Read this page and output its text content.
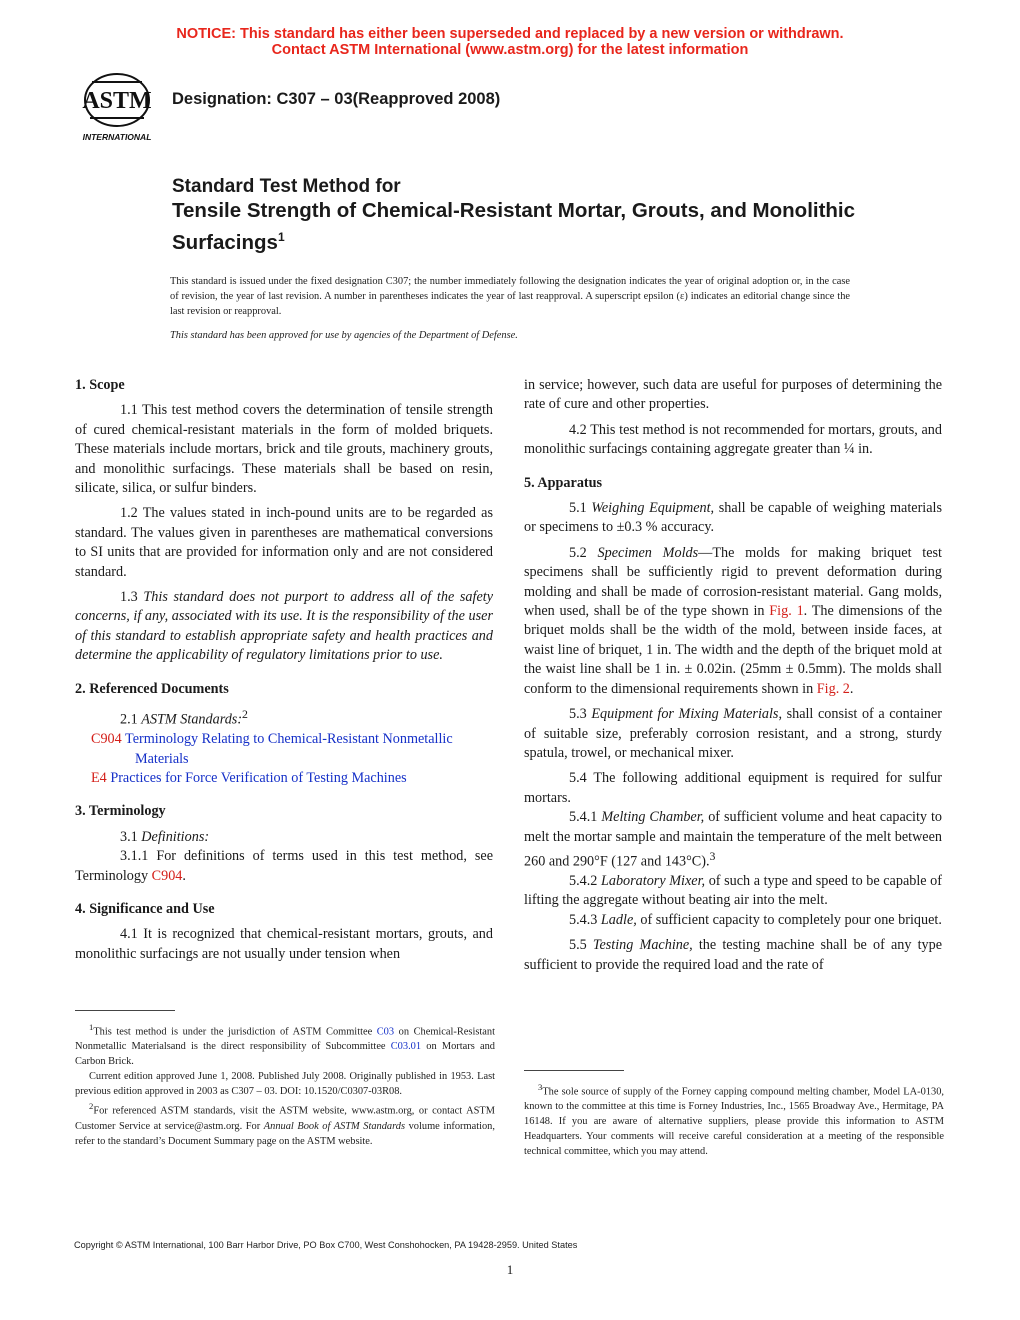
NOTICE: This standard has either been superseded and replaced by a new version or withdrawn.
Contact ASTM International (www.astm.org) for the latest information
ASTM
INTERNATIONAL
Designation: C307 – 03(Reapproved 2008)
Standard Test Method for
Tensile Strength of Chemical-Resistant Mortar, Grouts, and Monolithic Surfacings$^1$
This standard is issued under the fixed designation C307; the number immediately following the designation indicates the year of original adoption or, in the case of revision, the year of last revision. A number in parentheses indicates the year of last reapproval. A superscript epsilon (ε) indicates an editorial change since the last revision or reapproval.
This standard has been approved for use by agencies of the Department of Defense.

1. Scope

1.1 This test method covers the determination of tensile strength of cured chemical-resistant materials in the form of molded briquets. These materials include mortars, brick and tile grouts, machinery grouts, and monolithic surfacings. These materials shall be based on resin, silicate, silica, or sulfur binders.

1.2 The values stated in inch-pound units are to be regarded as standard. The values given in parentheses are mathematical conversions to SI units that are provided for information only and are not considered standard.

1.3 This standard does not purport to address all of the safety concerns, if any, associated with its use. It is the responsibility of the user of this standard to establish appropriate safety and health practices and determine the applicability of regulatory limitations prior to use.

2. Referenced Documents

2.1 ASTM Standards:$^2$

C904 Terminology Relating to Chemical-Resistant Nonmetallic Materials

E4 Practices for Force Verification of Testing Machines

3. Terminology

3.1 Definitions:

3.1.1 For definitions of terms used in this test method, see Terminology C904.

4. Significance and Use

4.1 It is recognized that chemical-resistant mortars, grouts, and monolithic surfacings are not usually under tension when

$^1$This test method is under the jurisdiction of ASTM Committee C03 on Chemical-Resistant Nonmetallic Materialsand is the direct responsibility of Subcommittee C03.01 on Mortars and Carbon Brick.

Current edition approved June 1, 2008. Published July 2008. Originally published in 1953. Last previous edition approved in 2003 as C307 – 03. DOI: 10.1520/C0307-03R08.

$^2$For referenced ASTM standards, visit the ASTM website, www.astm.org, or contact ASTM Customer Service at service@astm.org. For Annual Book of ASTM Standards volume information, refer to the standard’s Document Summary page on the ASTM website.

in service; however, such data are useful for purposes of determining the rate of cure and other properties.

4.2 This test method is not recommended for mortars, grouts, and monolithic surfacings containing aggregate greater than ¼ in.

5. Apparatus

5.1 Weighing Equipment, shall be capable of weighing materials or specimens to ±0.3 % accuracy.

5.2 Specimen Molds—The molds for making briquet test specimens shall be sufficiently rigid to prevent deformation during molding and shall be made of corrosion-resistant material. Gang molds, when used, shall be of the type shown in Fig. 1. The dimensions of the briquet molds shall be the width of the mold, between inside faces, at waist line of briquet, 1 in. The width and the depth of the briquet mold at the waist line shall be 1 in. ± 0.02in. (25mm ± 0.5mm). The molds shall conform to the dimensional requirements shown in Fig. 2.

5.3 Equipment for Mixing Materials, shall consist of a container of suitable size, preferably corrosion resistant, and a strong, sturdy spatula, trowel, or mechanical mixer.

5.4 The following additional equipment is required for sulfur mortars.

5.4.1 Melting Chamber, of sufficient volume and heat capacity to melt the mortar sample and maintain the temperature of the melt between 260 and 290°F (127 and 143°C).$^3$

5.4.2 Laboratory Mixer, of such a type and speed to be capable of lifting the aggregate without beating air into the melt.

5.4.3 Ladle, of sufficient capacity to completely pour one briquet.

5.5 Testing Machine, the testing machine shall be of any type sufficient to provide the required load and the rate of

$^3$The sole source of supply of the Forney capping compound melting chamber, Model LA-0130, known to the committee at this time is Forney Industries, Inc., 1565 Broadway Ave., Hermitage, PA 16148. If you are aware of alternative suppliers, please provide this information to ASTM Headquarters. Your comments will receive careful consideration at a meeting of the responsible technical committee, which you may attend.

Copyright © ASTM International, 100 Barr Harbor Drive, PO Box C700, West Conshohocken, PA 19428-2959. United States
1
